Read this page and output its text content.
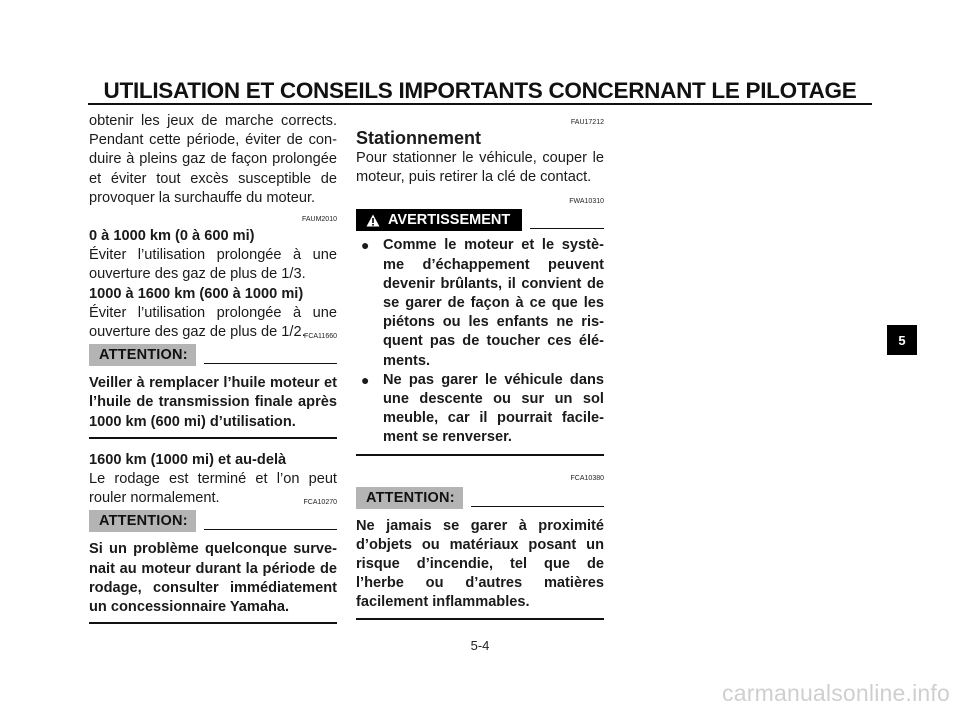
UTILISATION ET CONSEILS IMPORTANTS CONCERNANT LE PILOTAGE

obtenir les jeux de marche corrects. Pendant cette période, éviter de con-duire à pleins gaz de façon prolongée et éviter tout excès susceptible de provoquer la surchauffe du moteur.

FAUM2010

0 à 1000 km (0 à 600 mi)

Éviter l’utilisation prolongée à une ouverture des gaz de plus de 1/3.

1000 à 1600 km (600 à 1000 mi)

Éviter l’utilisation prolongée à une ouverture des gaz de plus de 1/2.

FCA11660
ATTENTION:

Veiller à remplacer l’huile moteur et l’huile de transmission finale après 1000 km (600 mi) d’utilisation.

1600 km (1000 mi) et au-delà

Le rodage est terminé et l’on peut rouler normalement.	FCA10270
ATTENTION:

Si un problème quelconque surve-nait au moteur durant la période de rodage, consulter immédiatement un concessionnaire Yamaha.

FAU17212
Stationnement

Pour stationner le véhicule, couper le moteur, puis retirer la clé de contact.

FWA10310
AVERTISSEMENT
● Comme le moteur et le systè-me d’échappement peuvent devenir brûlants, il convient de se garer de façon à ce que les piétons ou les enfants ne ris-quent pas de toucher ces élé-ments.
● Ne pas garer le véhicule dans une descente ou sur un sol meuble, car il pourrait facile-ment se renverser.
FCA10380
ATTENTION:

Ne jamais se garer à proximité d’objets ou matériaux posant un risque d’incendie, tel que de l’herbe ou d’autres matières facilement inflammables.

5
5-4
carmanualsonline.info
